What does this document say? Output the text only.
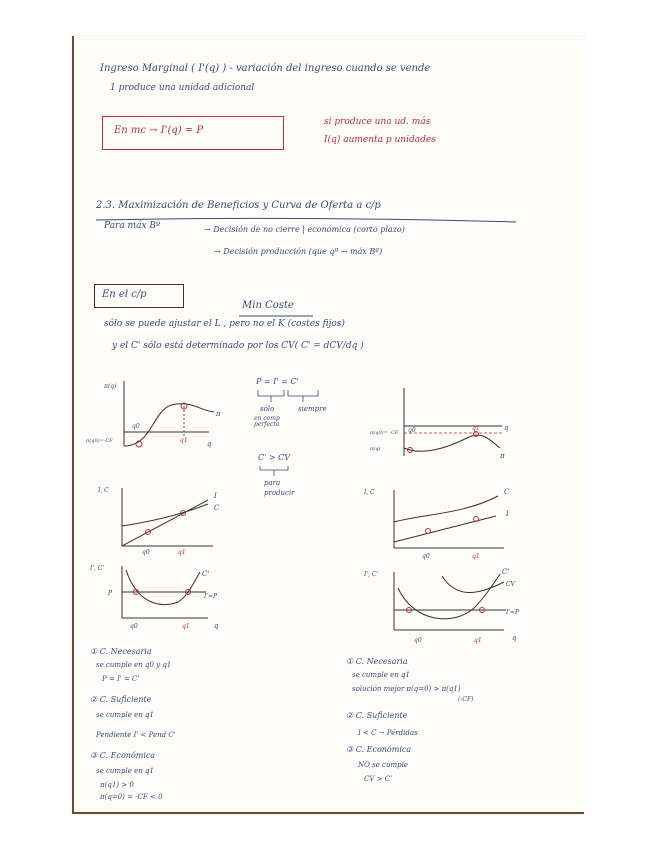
Ingreso Marginal ( I'(q) ) - variación del ingreso cuando se vende
1 produce una unidad adicional
En mc → I'(q) = P
si produce una ud. más
I(q) aumenta p unidades
2.3. Maximización de Beneficios y Curva de Oferta a c/p
Para máx Bº	→ Decisión de no cierre | económica (corto plazo)
→ Decisión producción (que qº → máx Bº)
En el c/p
Min Coste
sólo se puede ajustar el L , pero no el K (costes fijos)
y el C' sólo está determinado por los CV( C' = dCV/dq )
π(q)
π(q0)=-CF
q0
q1	q
π
P = I' = C'
sólo
en comp perfecta
siempre
C' > CV
para
producir
π(q0)= -CF
π(q)
q0	q1	q
π
I, C
I
C
q0	q1
I, C	C
I
q0	q1
I', C'
P
C'
I'=P
q0	q1	q
I', C'	C'
CV
I'=P
q0	q1	q
① C. Necesaria
se cumple en q0 y q1
P = I' = C'
② C. Suficiente
se cumple en q1
Pendiente I' < Pend C'
③ C. Económica
se cumple en q1
π(q1) > 0
π(q=0) = -CF < 0
① C. Necesaria
se cumple en q1
solución mejor π(q=0) > π(q1)
(-CF)
② C. Suficiente
I < C → Pérdidas
③ C. Económica
NO se cumple
CV > C'
